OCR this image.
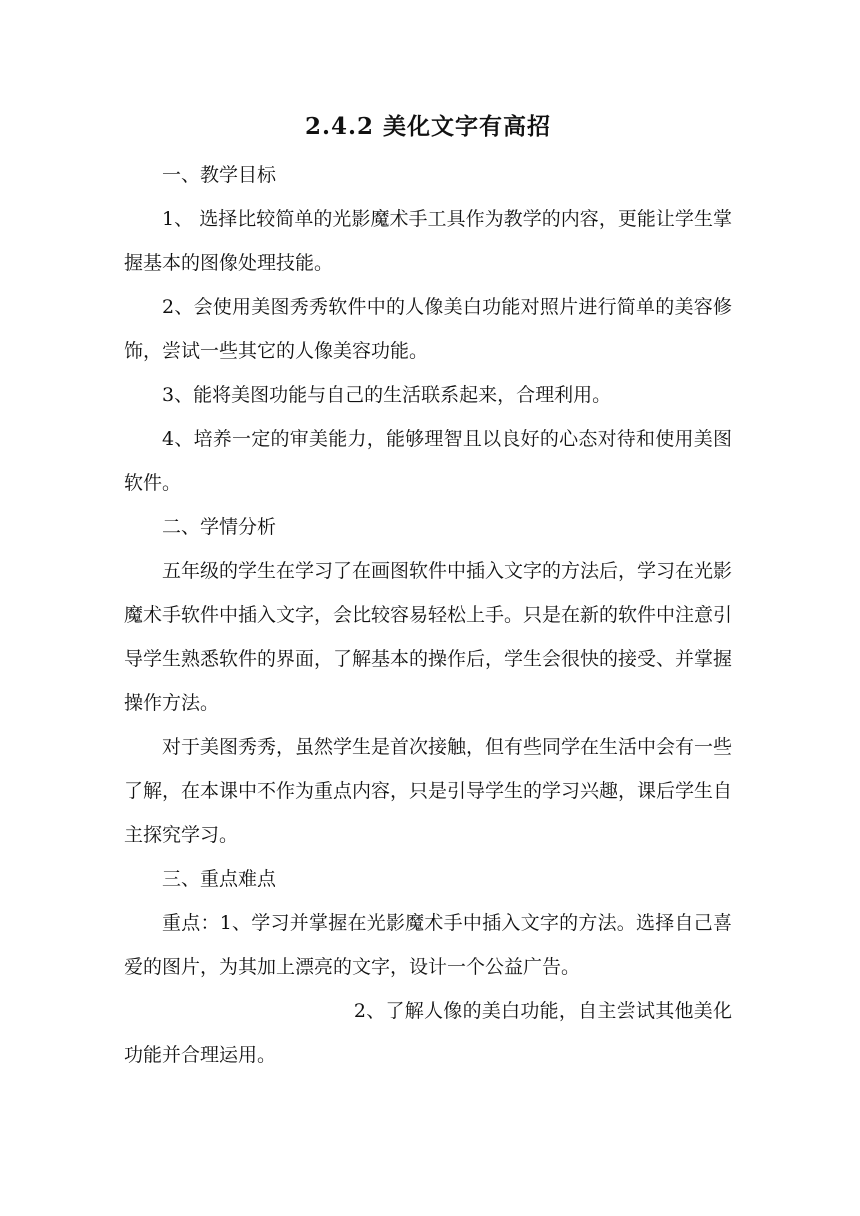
2.4.2 美化文字有高招

一、教学目标

1、 选择比较简单的光影魔术手工具作为教学的内容，更能让学生掌握基本的图像处理技能。

2、会使用美图秀秀软件中的人像美白功能对照片进行简单的美容修饰，尝试一些其它的人像美容功能。

3、能将美图功能与自己的生活联系起来，合理利用。

4、培养一定的审美能力，能够理智且以良好的心态对待和使用美图软件。

二、学情分析

五年级的学生在学习了在画图软件中插入文字的方法后，学习在光影魔术手软件中插入文字，会比较容易轻松上手。只是在新的软件中注意引导学生熟悉软件的界面，了解基本的操作后，学生会很快的接受、并掌握操作方法。

对于美图秀秀，虽然学生是首次接触，但有些同学在生活中会有一些了解，在本课中不作为重点内容，只是引导学生的学习兴趣，课后学生自主探究学习。

三、重点难点

重点：1、学习并掌握在光影魔术手中插入文字的方法。选择自己喜爱的图片，为其加上漂亮的文字，设计一个公益广告。

2、了解人像的美白功能，自主尝试其他美化功能并合理运用。
